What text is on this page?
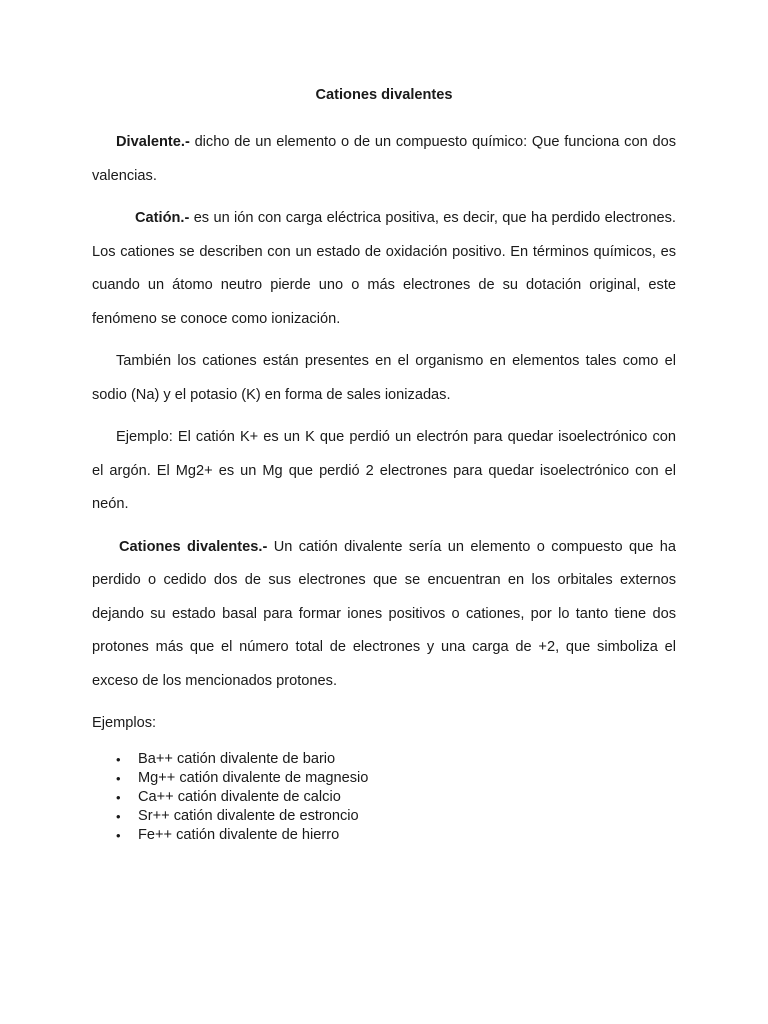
Cationes divalentes

Divalente.- dicho de un elemento o de un compuesto químico: Que funciona con dos valencias.

Catión.- es un ión con carga eléctrica positiva, es decir, que ha perdido electrones. Los cationes se describen con un estado de oxidación positivo. En términos químicos, es cuando un átomo neutro pierde uno o más electrones de su dotación original, este fenómeno se conoce como ionización.

También los cationes están presentes en el organismo en elementos tales como el sodio (Na) y el potasio (K) en forma de sales ionizadas.

Ejemplo: El catión K+ es un K que perdió un electrón para quedar isoelectrónico con el argón. El Mg2+ es un Mg que perdió 2 electrones para quedar isoelectrónico con el neón.

Cationes divalentes.- Un catión divalente sería un elemento o compuesto que ha perdido o cedido dos de sus electrones que se encuentran en los orbitales externos dejando su estado basal para formar iones positivos o cationes, por lo tanto tiene dos protones más que el número total de electrones y una carga de +2, que simboliza el exceso de los mencionados protones.

Ejemplos:

• Ba++ catión divalente de bario
• Mg++ catión divalente de magnesio
• Ca++ catión divalente de calcio
• Sr++ catión divalente de estroncio
• Fe++ catión divalente de hierro
